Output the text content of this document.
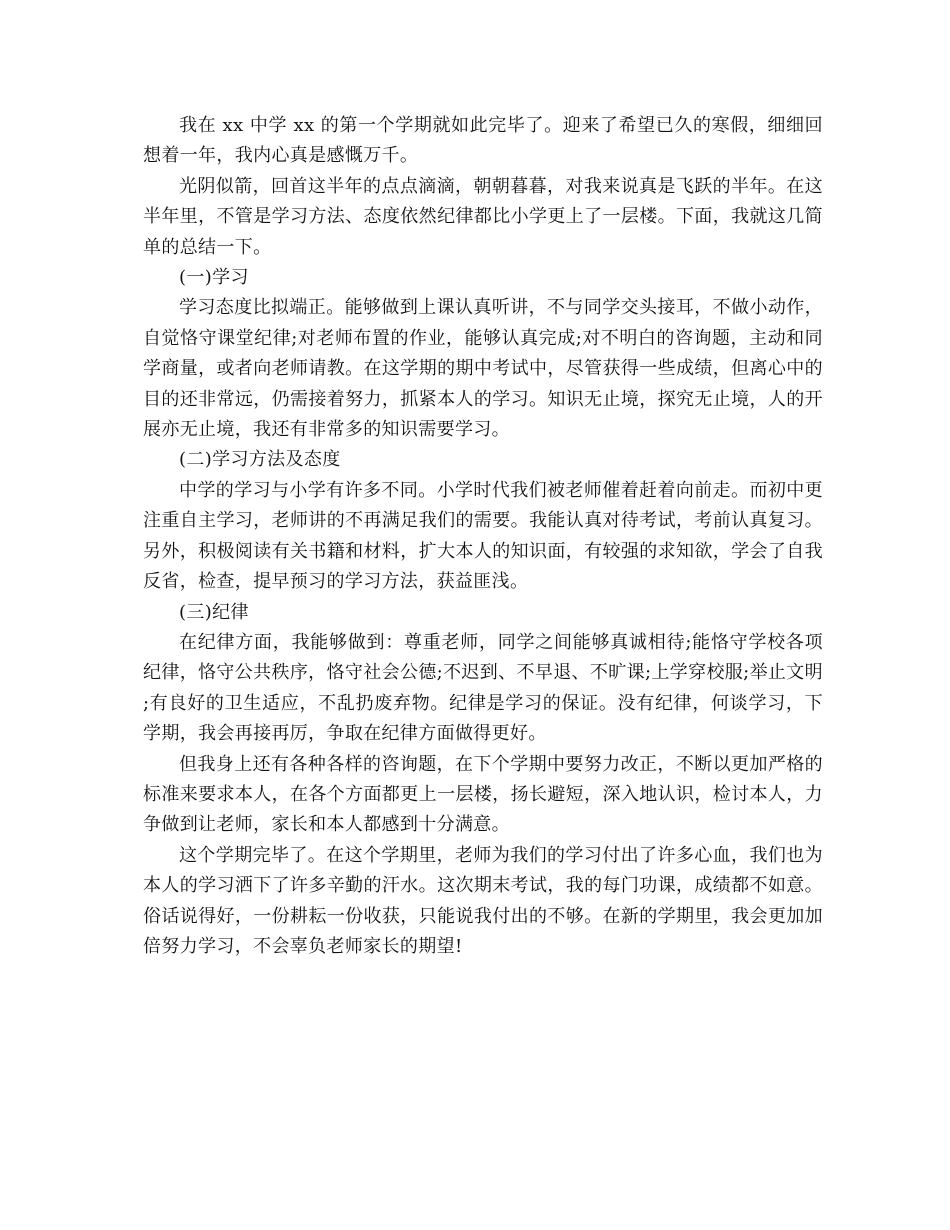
我在 xx 中学 xx 的第一个学期就如此完毕了。迎来了希望已久的寒假，细细回想着一年，我内心真是感慨万千。

光阴似箭，回首这半年的点点滴滴，朝朝暮暮，对我来说真是飞跃的半年。在这半年里，不管是学习方法、态度依然纪律都比小学更上了一层楼。下面，我就这几简单的总结一下。

(一)学习

学习态度比拟端正。能够做到上课认真听讲，不与同学交头接耳，不做小动作，自觉恪守课堂纪律;对老师布置的作业，能够认真完成;对不明白的咨询题，主动和同学商量，或者向老师请教。在这学期的期中考试中，尽管获得一些成绩，但离心中的目的还非常远，仍需接着努力，抓紧本人的学习。知识无止境，探究无止境，人的开展亦无止境，我还有非常多的知识需要学习。

(二)学习方法及态度

中学的学习与小学有许多不同。小学时代我们被老师催着赶着向前走。而初中更注重自主学习，老师讲的不再满足我们的需要。我能认真对待考试，考前认真复习。另外，积极阅读有关书籍和材料，扩大本人的知识面，有较强的求知欲，学会了自我反省，检查，提早预习的学习方法，获益匪浅。

(三)纪律

在纪律方面，我能够做到：尊重老师，同学之间能够真诚相待;能恪守学校各项纪律，恪守公共秩序，恪守社会公德;不迟到、不早退、不旷课;上学穿校服;举止文明;有良好的卫生适应，不乱扔废弃物。纪律是学习的保证。没有纪律，何谈学习，下学期，我会再接再厉，争取在纪律方面做得更好。

但我身上还有各种各样的咨询题，在下个学期中要努力改正，不断以更加严格的标准来要求本人，在各个方面都更上一层楼，扬长避短，深入地认识，检讨本人，力争做到让老师，家长和本人都感到十分满意。

这个学期完毕了。在这个学期里，老师为我们的学习付出了许多心血，我们也为本人的学习洒下了许多辛勤的汗水。这次期末考试，我的每门功课，成绩都不如意。俗话说得好，一份耕耘一份收获，只能说我付出的不够。在新的学期里，我会更加加倍努力学习，不会辜负老师家长的期望!
